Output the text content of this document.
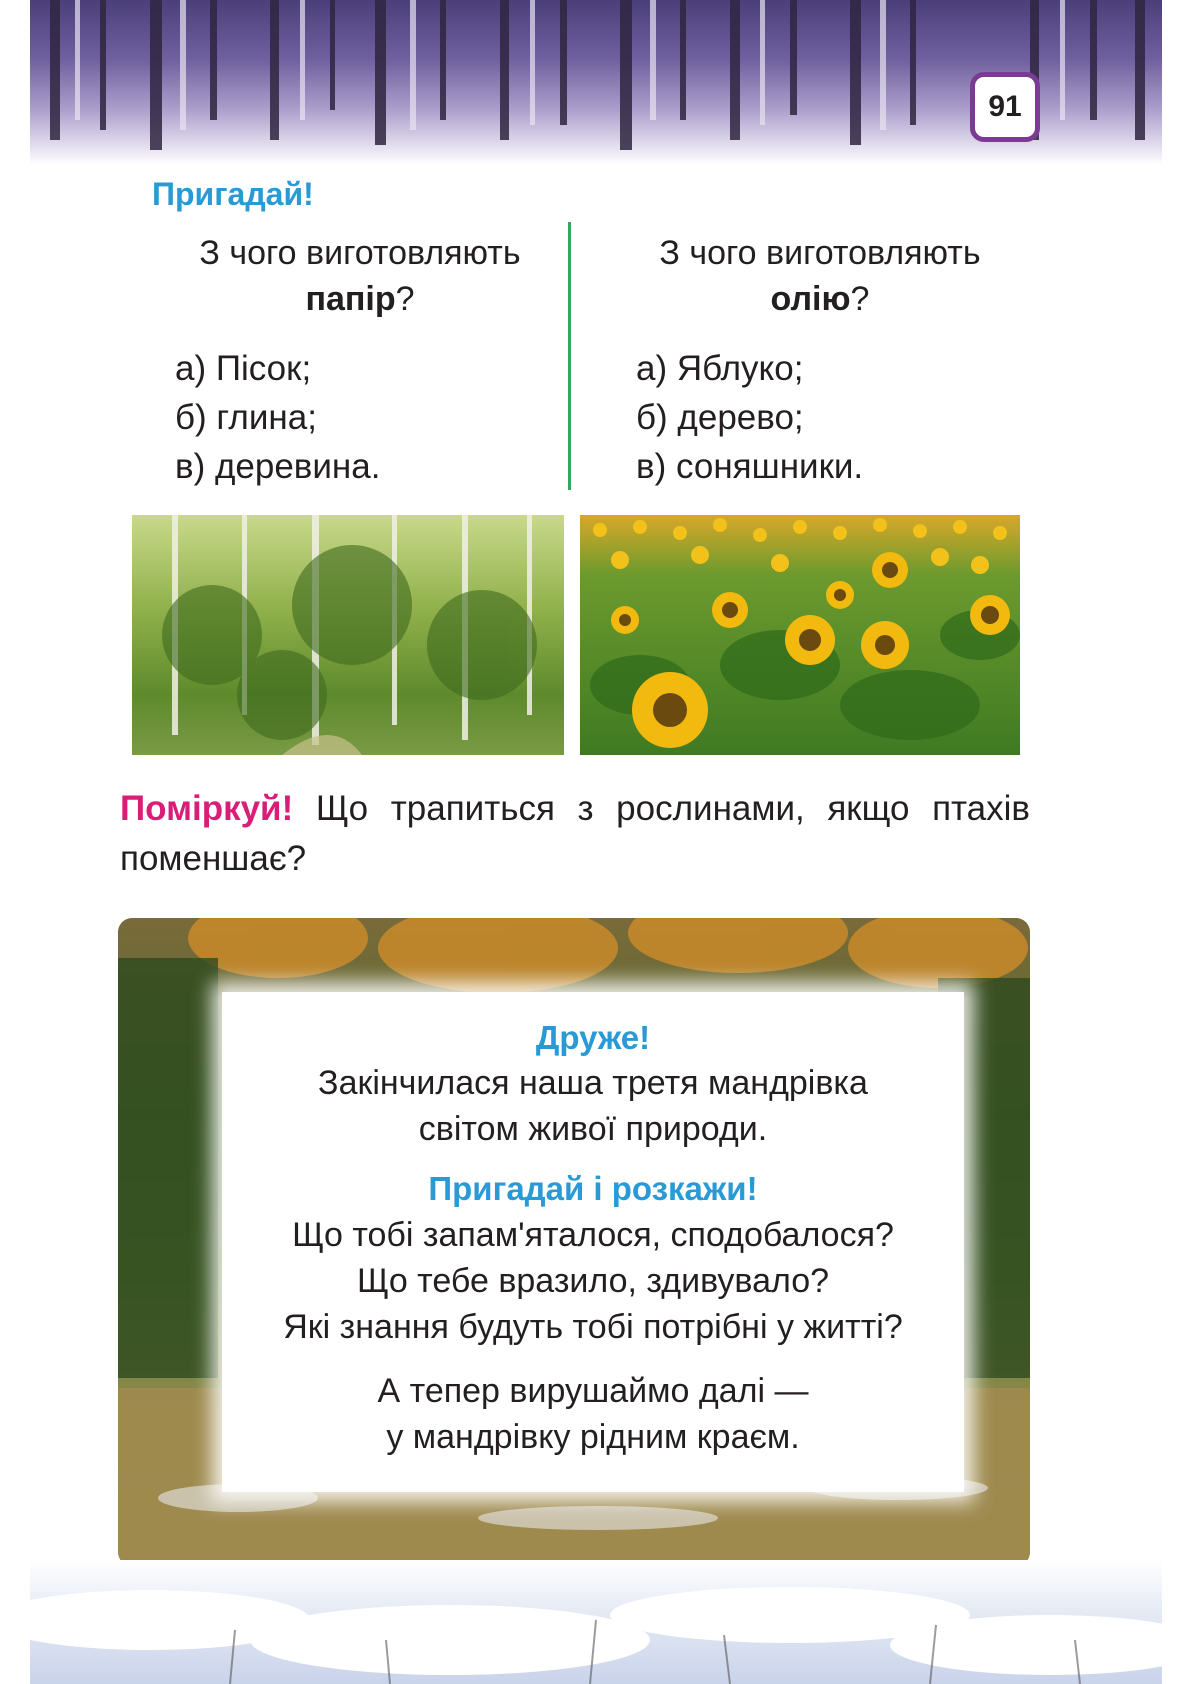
91
Пригадай!
З чого виготовляють
папір?
З чого виготовляють
олію?
а) Пісок;
б) глина;
в) деревина.
а) Яблуко;
б) дерево;
в) соняшники.
Поміркуй! Що трапиться з рослинами, якщо птахів поменшає?
Друже!
Закінчилася наша третя мандрівка
світом живої природи.
Пригадай і розкажи!
Що тобі запам'яталося, сподобалося?
Що тебе вразило, здивувало?
Які знання будуть тобі потрібні у житті?
А тепер вирушаймо далі —
у мандрівку рідним краєм.
